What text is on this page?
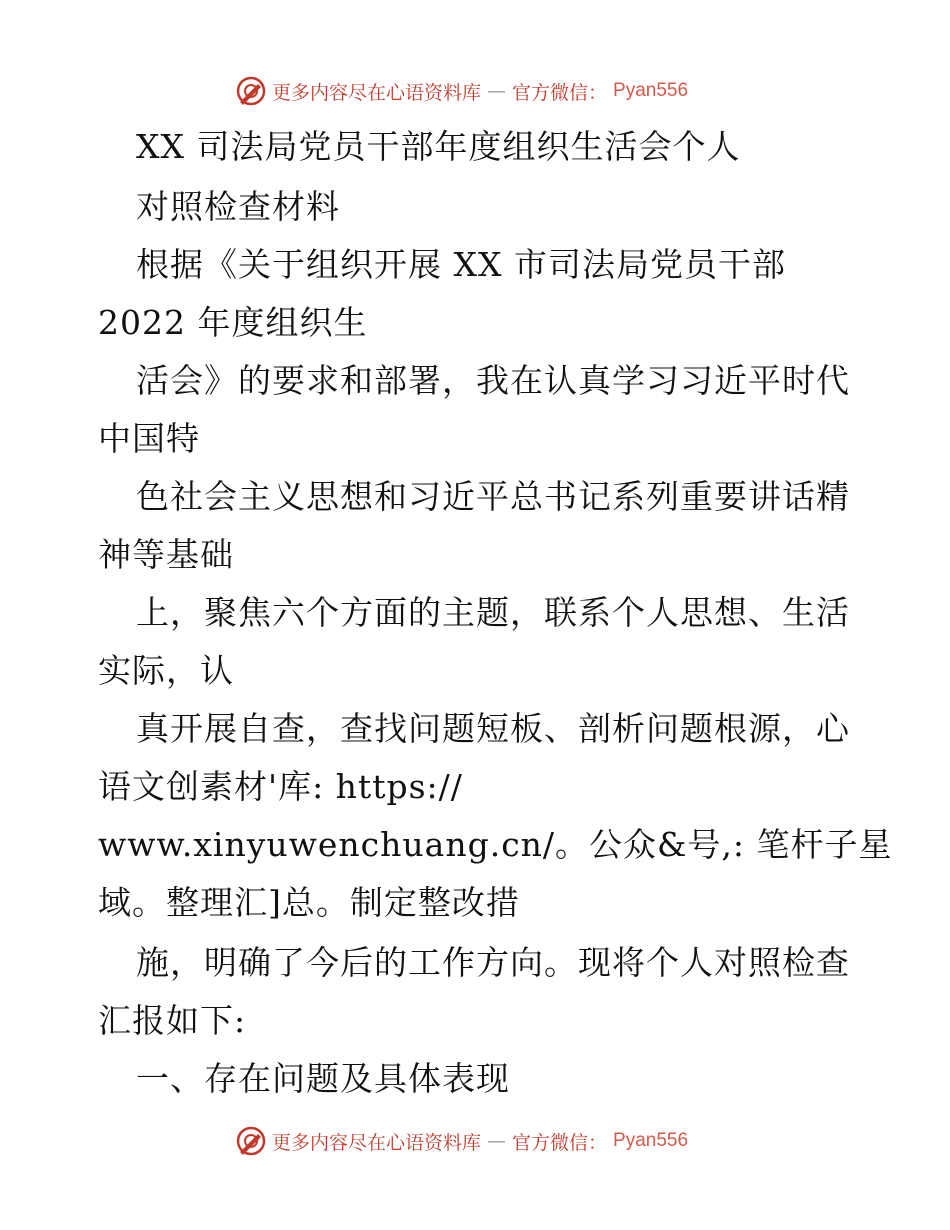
更多内容尽在心语资料库 — 官方微信： Pyan556
XX 司法局党员干部年度组织生活会个人
对照检查材料
根据《关于组织开展 XX 市司法局党员干部
2022 年度组织生
活会》的要求和部署，我在认真学习习近平时代
中国特
色社会主义思想和习近平总书记系列重要讲话精
神等基础
上，聚焦六个方面的主题，联系个人思想、生活
实际，认
真开展自查，查找问题短板、剖析问题根源，心
语文创素材'库: https://
www.xinyuwenchuang.cn/。公众&号,: 笔杆子星
域。整理汇]总。制定整改措
施，明确了今后的工作方向。现将个人对照检查
汇报如下:
一、存在问题及具体表现
更多内容尽在心语资料库 — 官方微信： Pyan556
